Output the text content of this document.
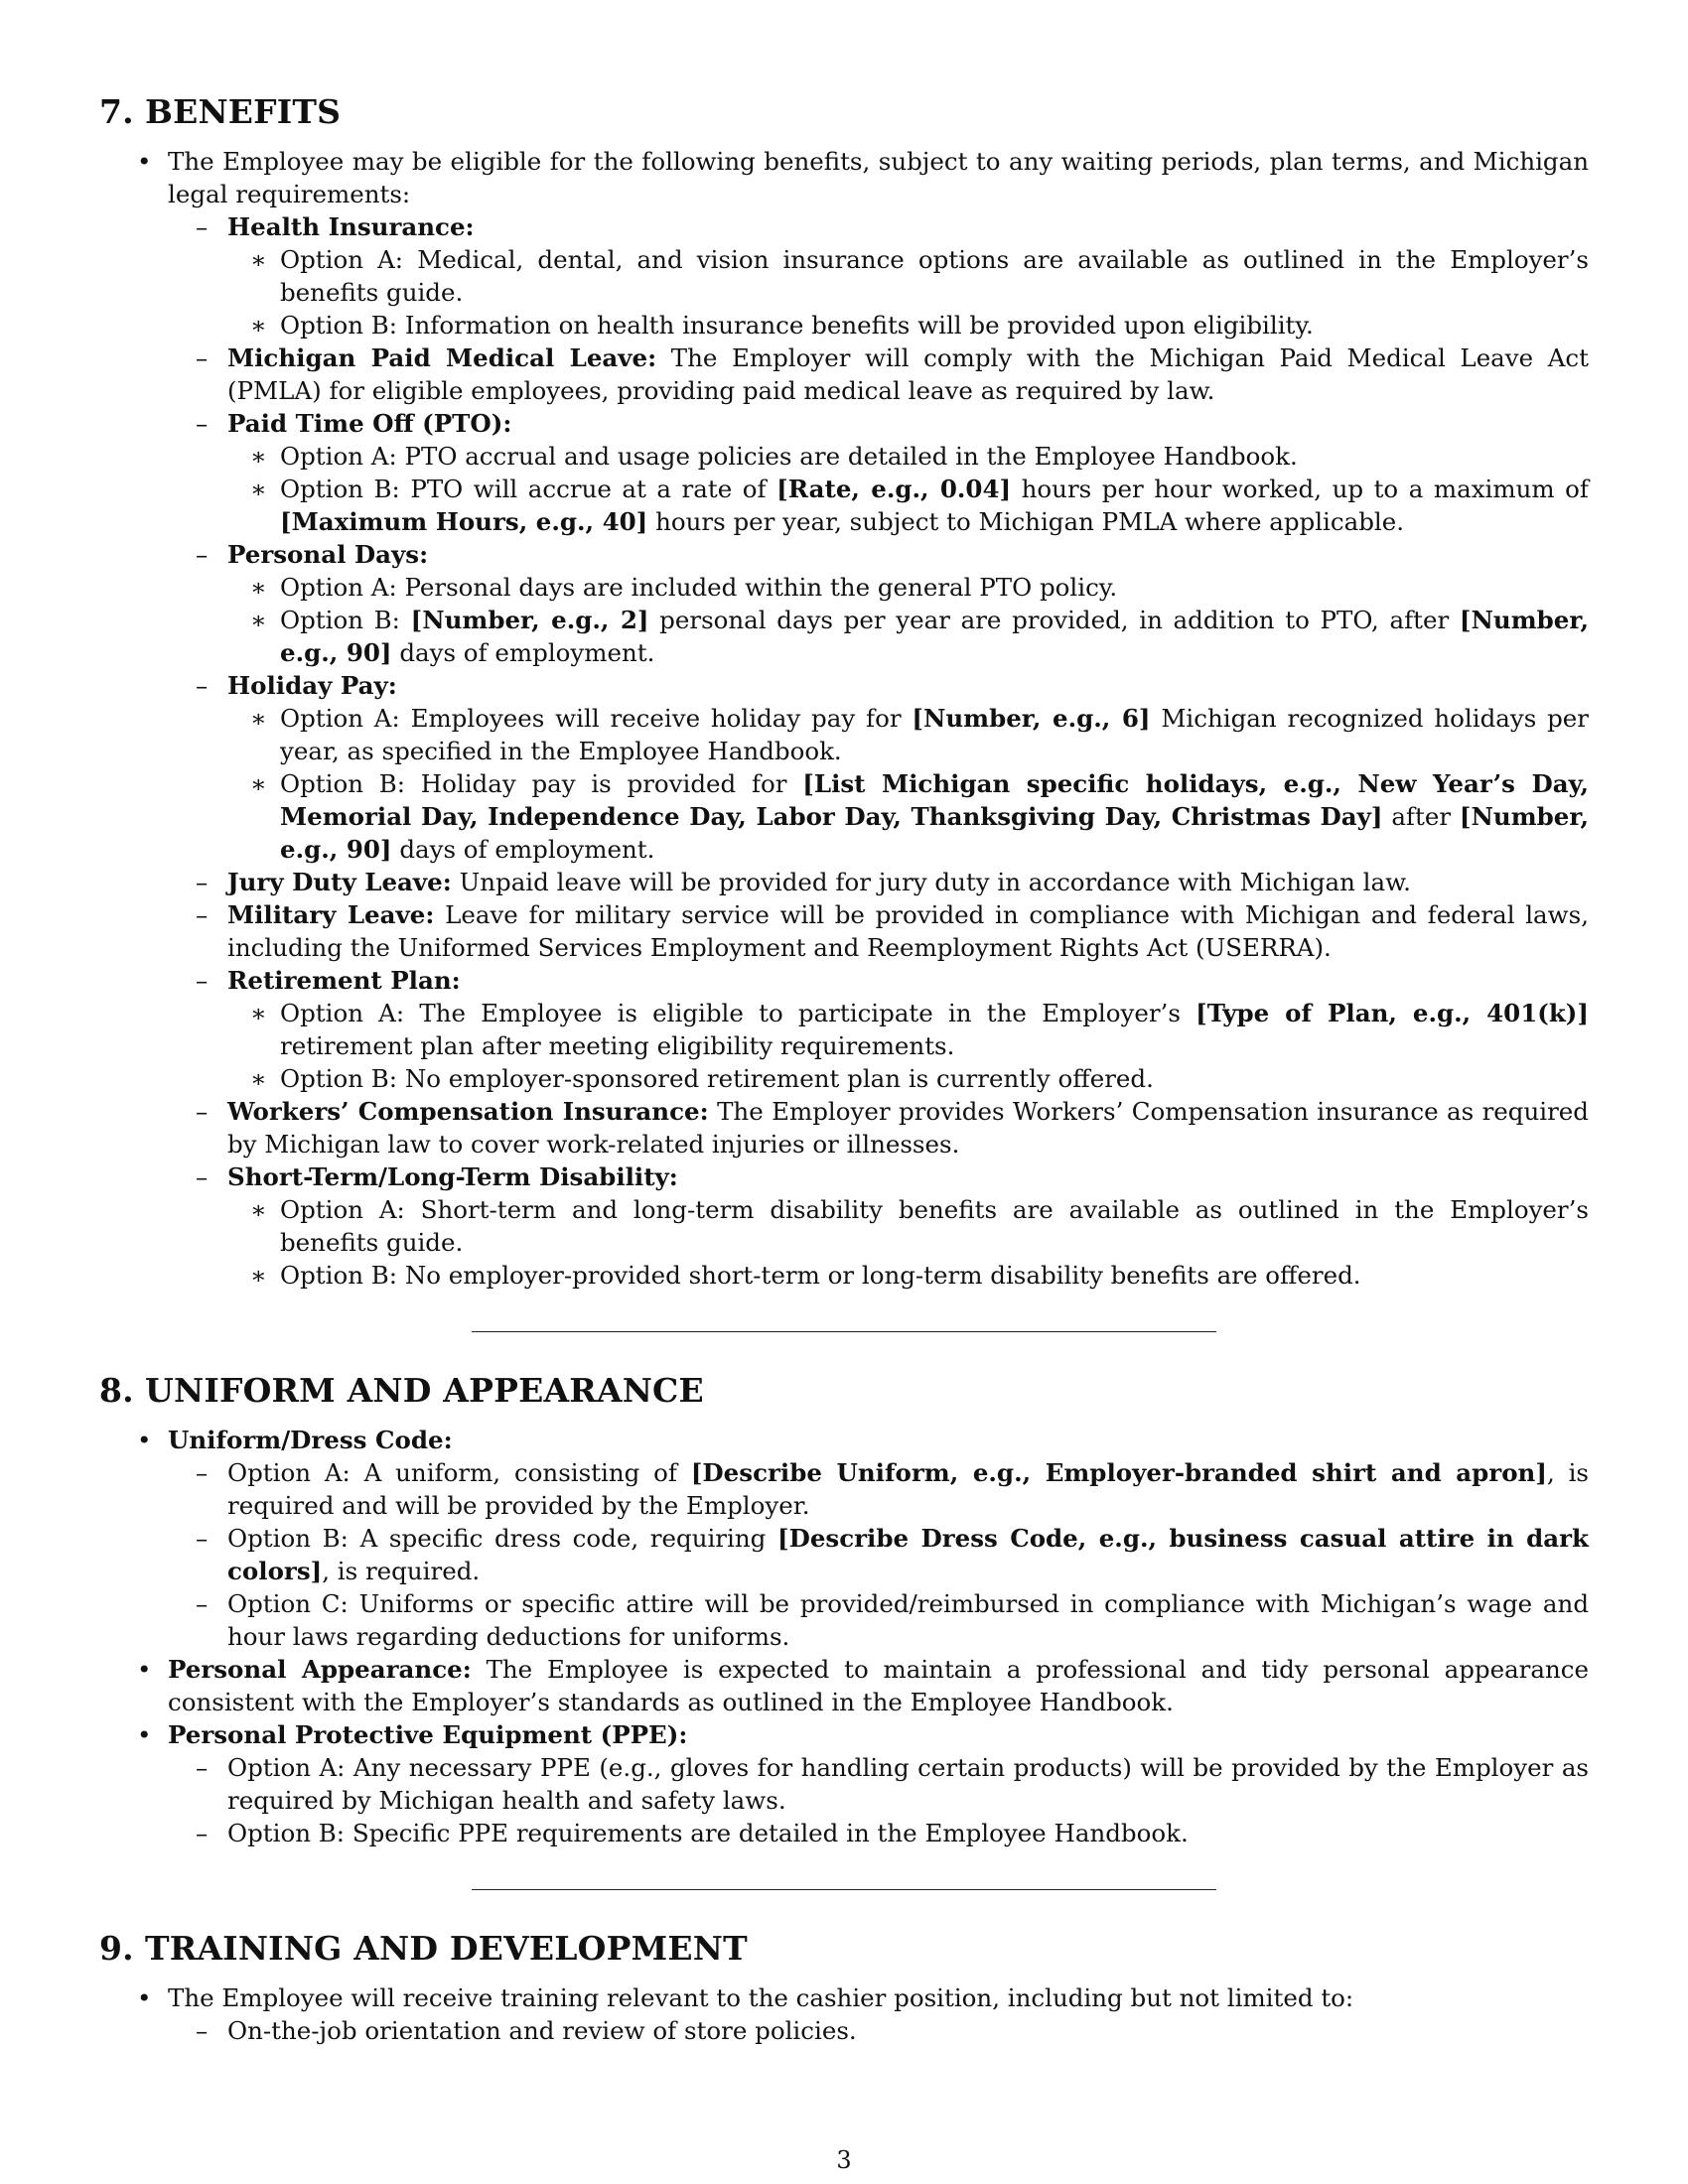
7. BENEFITS
• The Employee may be eligible for the following benefits, subject to any waiting periods, plan terms, and Michigan legal requirements:
– Health Insurance:
∗ Option A: Medical, dental, and vision insurance options are available as outlined in the Employer’s benefits guide.
∗ Option B: Information on health insurance benefits will be provided upon eligibility.
– Michigan Paid Medical Leave: The Employer will comply with the Michigan Paid Medical Leave Act (PMLA) for eligible employees, providing paid medical leave as required by law.
– Paid Time Off (PTO):
∗ Option A: PTO accrual and usage policies are detailed in the Employee Handbook.
∗ Option B: PTO will accrue at a rate of [Rate, e.g., 0.04] hours per hour worked, up to a maximum of [Maximum Hours, e.g., 40] hours per year, subject to Michigan PMLA where applicable.
– Personal Days:
∗ Option A: Personal days are included within the general PTO policy.
∗ Option B: [Number, e.g., 2] personal days per year are provided, in addition to PTO, after [Number, e.g., 90] days of employment.
– Holiday Pay:
∗ Option A: Employees will receive holiday pay for [Number, e.g., 6] Michigan recognized holidays per year, as specified in the Employee Handbook.
∗ Option B: Holiday pay is provided for [List Michigan specific holidays, e.g., New Year’s Day, Memorial Day, Independence Day, Labor Day, Thanksgiving Day, Christmas Day] after [Number, e.g., 90] days of employment.
– Jury Duty Leave: Unpaid leave will be provided for jury duty in accordance with Michigan law.
– Military Leave: Leave for military service will be provided in compliance with Michigan and federal laws, including the Uniformed Services Employment and Reemployment Rights Act (USERRA).
– Retirement Plan:
∗ Option A: The Employee is eligible to participate in the Employer’s [Type of Plan, e.g., 401(k)] retirement plan after meeting eligibility requirements.
∗ Option B: No employer-sponsored retirement plan is currently offered.
– Workers’ Compensation Insurance: The Employer provides Workers’ Compensation insurance as required by Michigan law to cover work-related injuries or illnesses.
– Short-Term/Long-Term Disability:
∗ Option A: Short-term and long-term disability benefits are available as outlined in the Employer’s benefits guide.
∗ Option B: No employer-provided short-term or long-term disability benefits are offered.
8. UNIFORM AND APPEARANCE
• Uniform/Dress Code:
– Option A: A uniform, consisting of [Describe Uniform, e.g., Employer-branded shirt and apron], is required and will be provided by the Employer.
– Option B: A specific dress code, requiring [Describe Dress Code, e.g., business casual attire in dark colors], is required.
– Option C: Uniforms or specific attire will be provided/reimbursed in compliance with Michigan’s wage and hour laws regarding deductions for uniforms.
• Personal Appearance: The Employee is expected to maintain a professional and tidy personal appearance consistent with the Employer’s standards as outlined in the Employee Handbook.
• Personal Protective Equipment (PPE):
– Option A: Any necessary PPE (e.g., gloves for handling certain products) will be provided by the Employer as required by Michigan health and safety laws.
– Option B: Specific PPE requirements are detailed in the Employee Handbook.
9. TRAINING AND DEVELOPMENT
• The Employee will receive training relevant to the cashier position, including but not limited to:
– On-the-job orientation and review of store policies.
3
